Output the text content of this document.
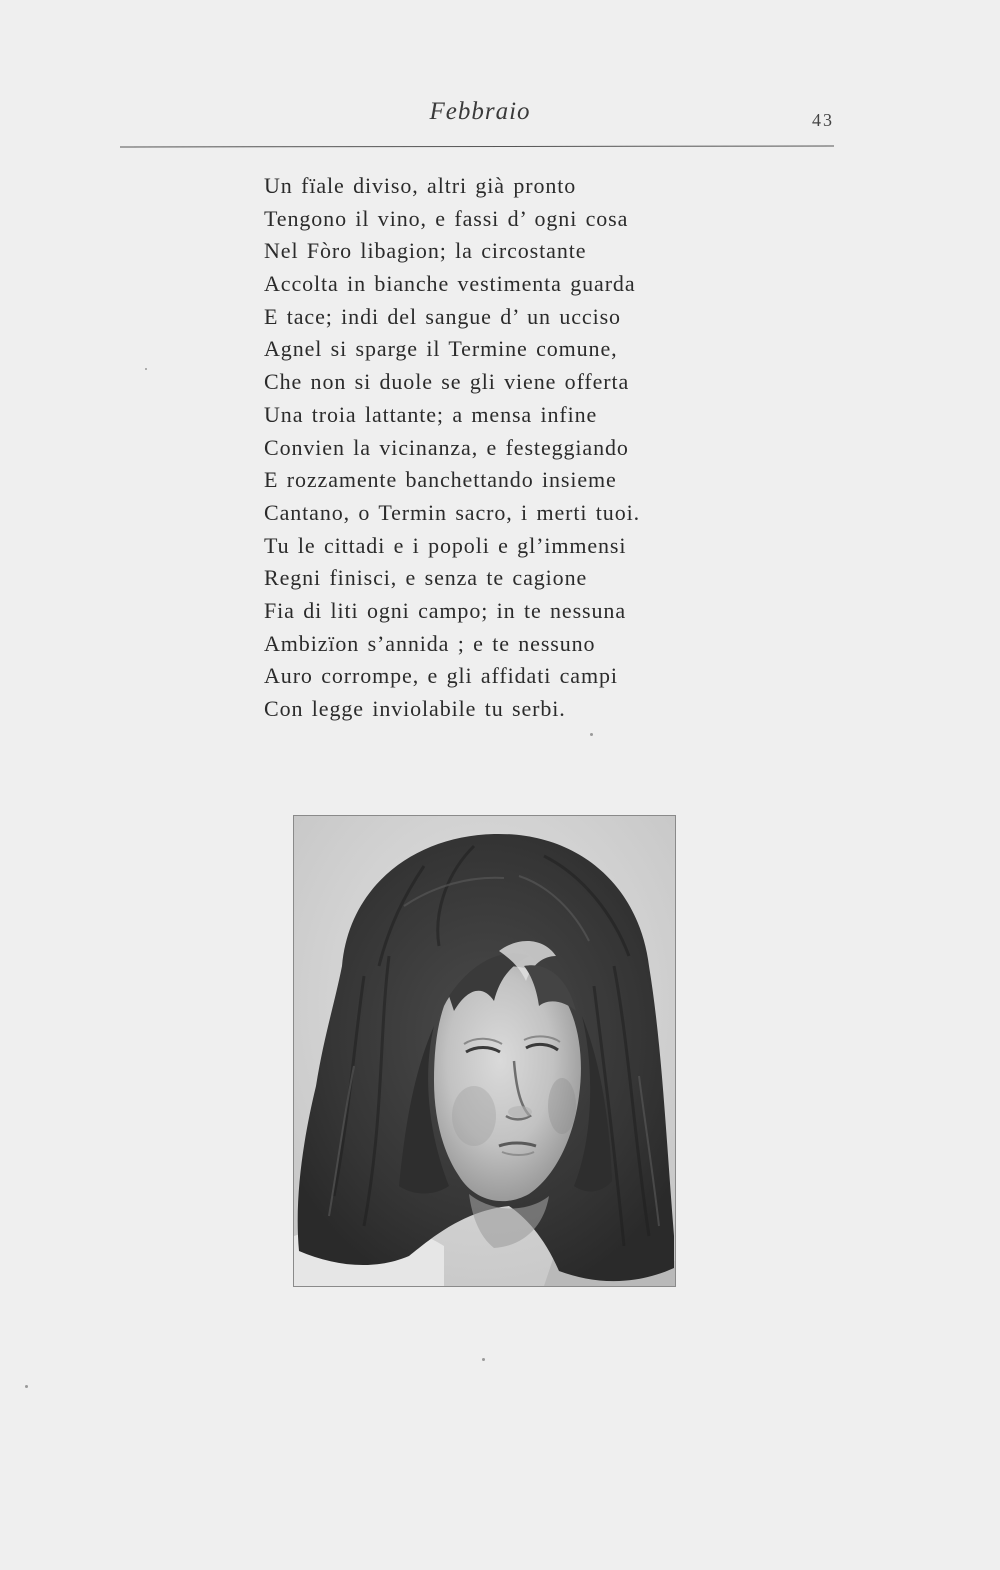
Febbraio	43
Un fïale diviso, altri già pronto
Tengono il vino, e fassi d’ ogni cosa
Nel Fòro libagion; la circostante
Accolta in bianche vestimenta guarda
E tace; indi del sangue d’ un ucciso
Agnel si sparge il Termine comune,
Che non si duole se gli viene offerta
Una troia lattante; a mensa infine
Convien la vicinanza, e festeggiando
E rozzamente banchettando insieme
Cantano, o Termin sacro, i merti tuoi.
Tu le cittadi e i popoli e gl’immensi
Regni finisci, e senza te cagione
Fia di liti ogni campo; in te nessuna
Ambizïon s’annida ; e te nessuno
Auro corrompe, e gli affidati campi
Con legge inviolabile tu serbi.
